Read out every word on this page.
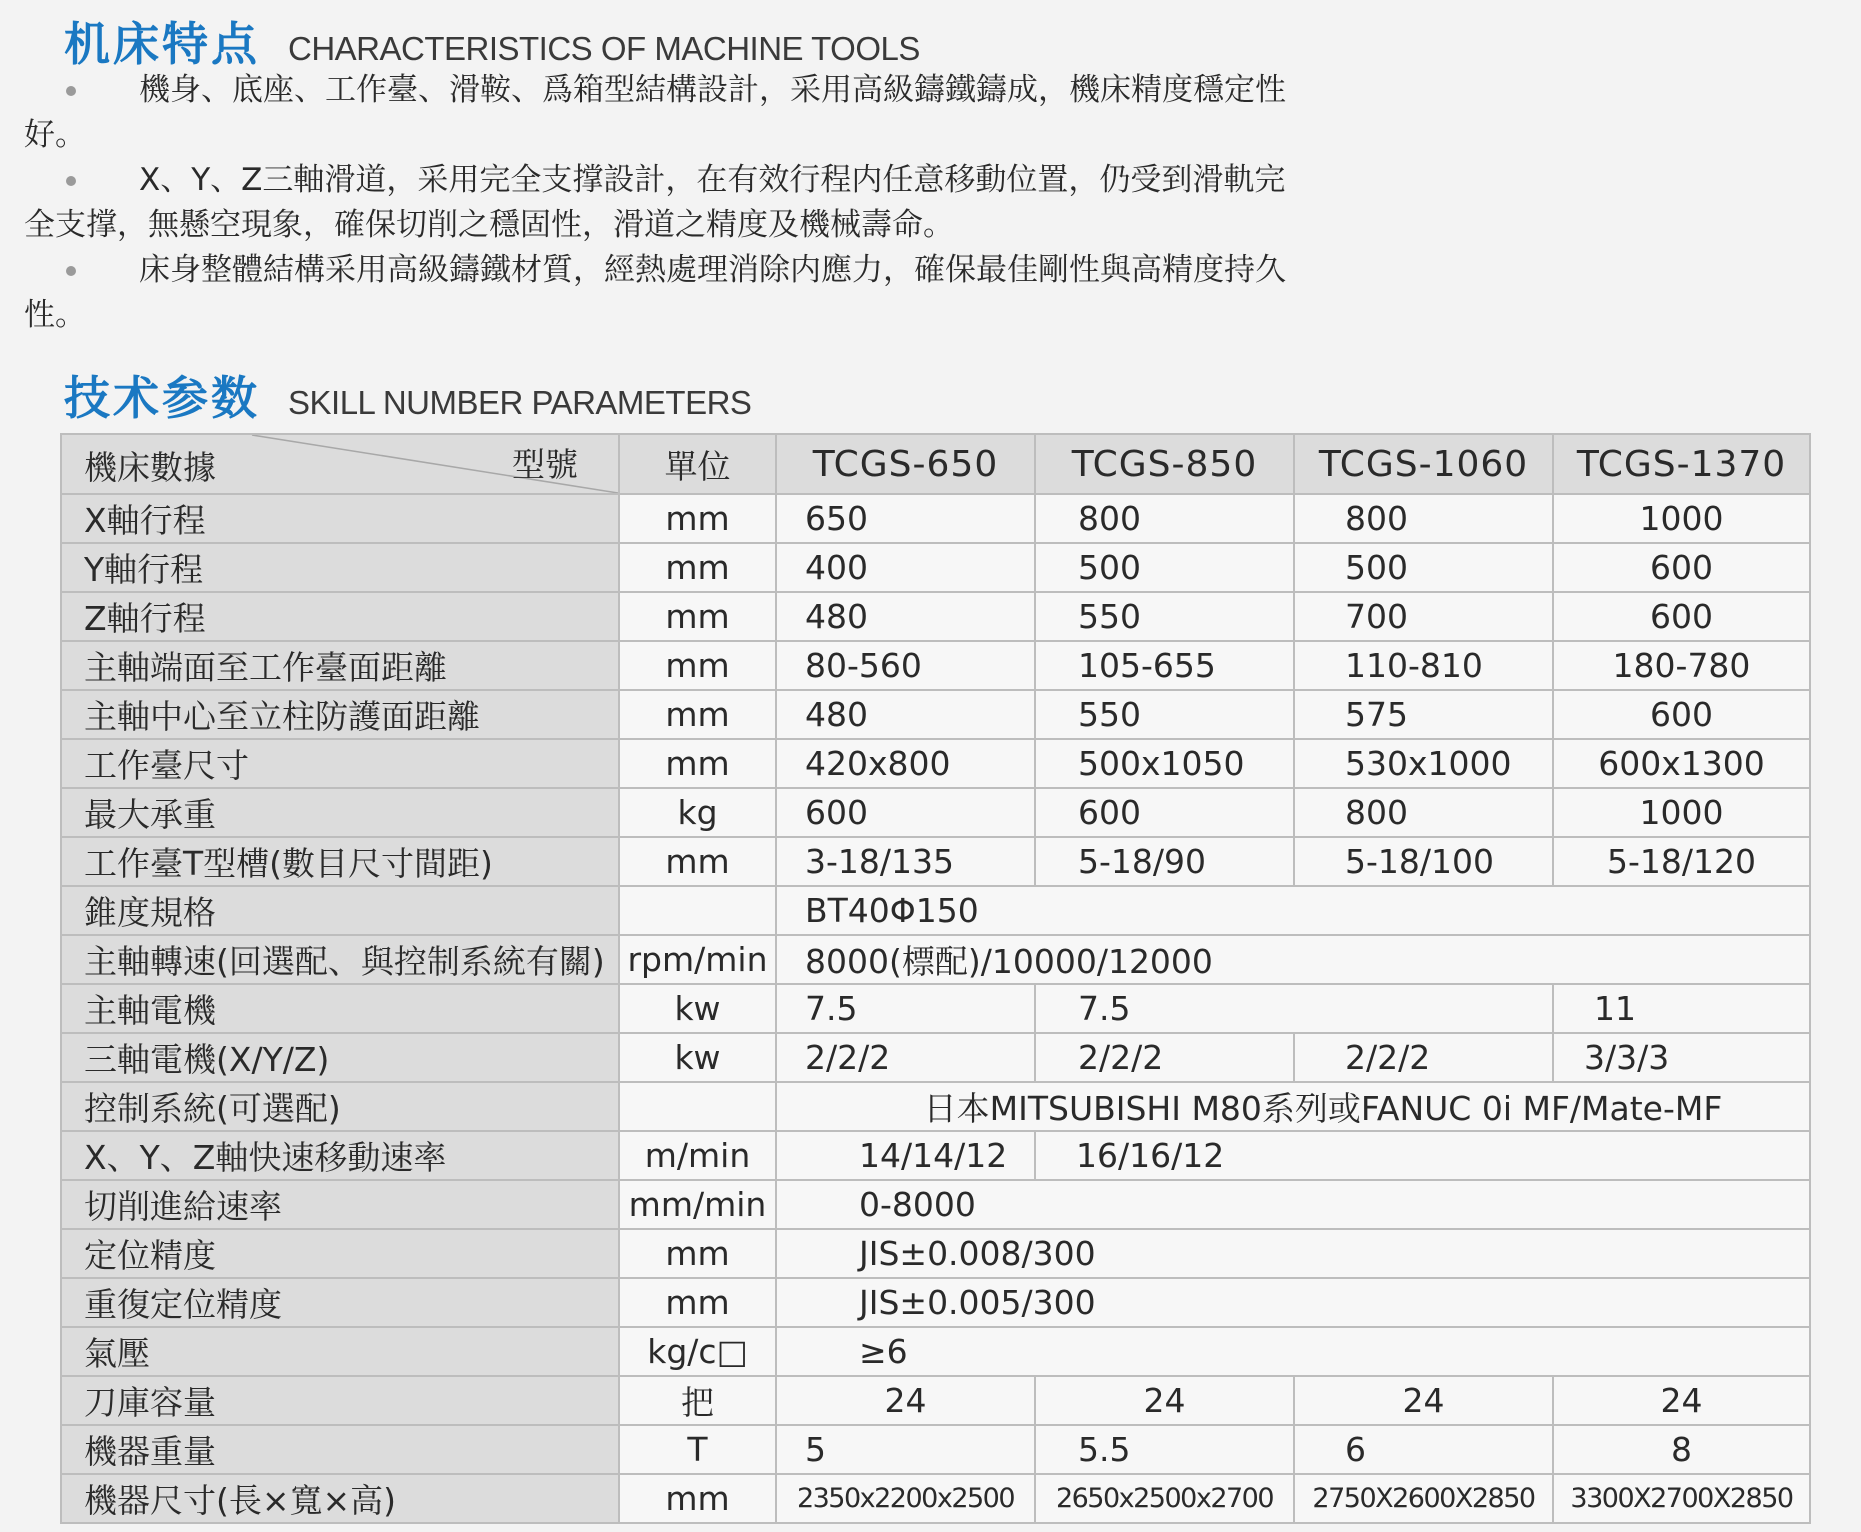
机床特点 CHARACTERISTICS OF MACHINE TOOLS
機身、底座、工作臺、滑鞍、爲箱型結構設計，采用高級鑄鐵鑄成，機床精度穩定性
好。
X、Y、Z三軸滑道，采用完全支撑設計，在有效行程内任意移動位置，仍受到滑軌完
全支撑，無懸空現象，確保切削之穩固性，滑道之精度及機械壽命。
床身整體結構采用高級鑄鐵材質，經熱處理消除内應力，確保最佳剛性與高精度持久
性。
技术参数 SKILL NUMBER PARAMETERS
機床數據 型號	單位	TCGS-650	TCGS-850	TCGS-1060	TCGS-1370
X軸行程	mm	650	800	800	1000
Y軸行程	mm	400	500	500	600
Z軸行程	mm	480	550	700	600
主軸端面至工作臺面距離	mm	80-560	105-655	110-810	180-780
主軸中心至立柱防護面距離	mm	480	550	575	600
工作臺尺寸	mm	420x800	500x1050	530x1000	600x1300
最大承重	kg	600	600	800	1000
工作臺T型槽(數目尺寸間距)	mm	3-18/135	5-18/90	5-18/100	5-18/120
錐度規格		BT40Φ150			
主軸轉速(回選配、與控制系統有關)	rpm/min	8000(標配)/10000/12000			
主軸電機	kw	7.5	7.5		11
三軸電機(X/Y/Z)	kw	2/2/2	2/2/2	2/2/2	3/3/3
控制系統(可選配)		日本MITSUBISHI M80系列或FANUC 0i MF/Mate-MF			
X、Y、Z軸快速移動速率	m/min	14/14/12	16/16/12		
切削進給速率	mm/min	0-8000			
定位精度	mm	JIS±0.008/300			
重復定位精度	mm	JIS±0.005/300			
氣壓	kg/c□	≥6			
刀庫容量	把	24	24	24	24
機器重量	T	5	5.5	6	8
機器尺寸(長×寬×高)	mm	2350x2200x2500	2650x2500x2700	2750X2600X2850	3300X2700X2850
